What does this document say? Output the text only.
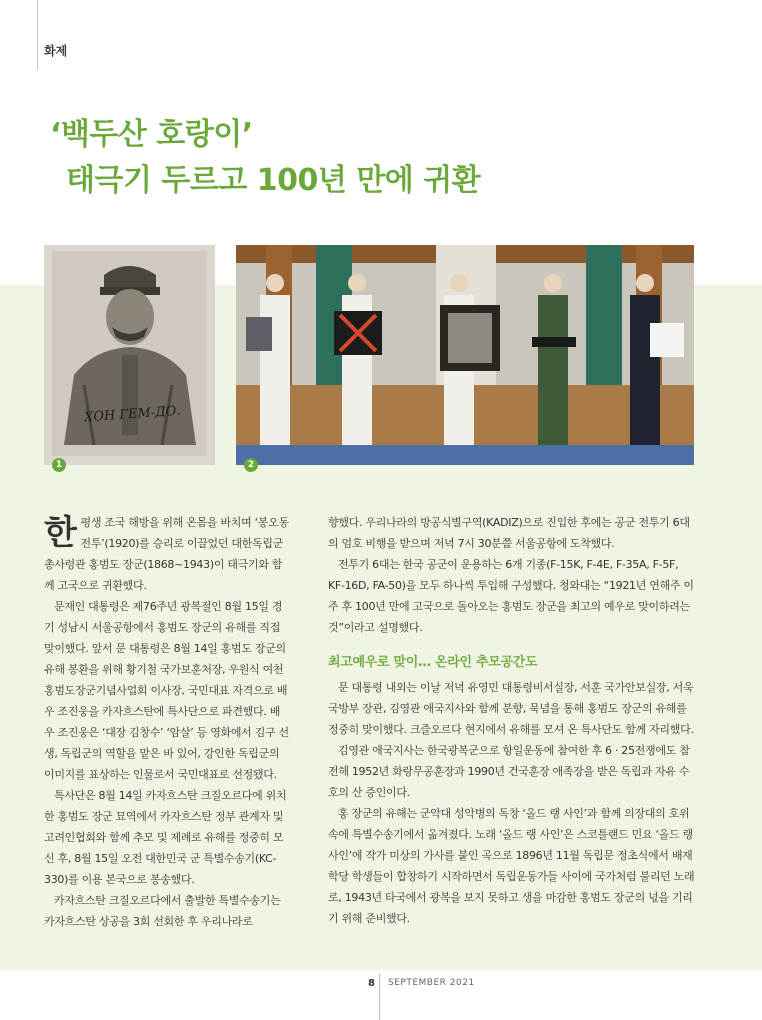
화제
‘백두산 호랑이’
태극기 두르고 100년 만에 귀환
ХОН ГЕМ-ДО.
1	2

한평생 조국 해방을 위해 온몸을 바치며 ‘봉오동 전투’(1920)를 승리로 이끌었던 대한독립군 총사령관 홍범도 장군(1868~1943)이 태극기와 함께 고국으로 귀환했다.

문재인 대통령은 제76주년 광복절인 8월 15일 경기 성남시 서울공항에서 홍범도 장군의 유해를 직접 맞이했다. 앞서 문 대통령은 8월 14일 홍범도 장군의 유해 봉환을 위해 황기철 국가보훈처장, 우원식 여천홍범도장군기념사업회 이사장, 국민대표 자격으로 배우 조진웅을 카자흐스탄에 특사단으로 파견했다. 배우 조진웅은 ‘대장 김창수’ ‘암살’ 등 영화에서 김구 선생, 독립군의 역할을 맡은 바 있어, 강인한 독립군의 이미지를 표상하는 인물로서 국민대표로 선정됐다.

특사단은 8월 14일 카자흐스탄 크질오르다에 위치한 홍범도 장군 묘역에서 카자흐스탄 정부 관계자 및 고려인협회와 함께 추모 및 제례로 유해를 정중히 모신 후, 8월 15일 오전 대한민국 군 특별수송기(KC-330)를 이용 본국으로 봉송했다.

카자흐스탄 크질오르다에서 출발한 특별수송기는 카자흐스탄 상공을 3회 선회한 후 우리나라로

향했다. 우리나라의 방공식별구역(KADIZ)으로 진입한 후에는 공군 전투기 6대의 엄호 비행을 받으며 저녁 7시 30분쯤 서울공항에 도착했다.

전투기 6대는 한국 공군이 운용하는 6개 기종(F-15K, F-4E, F-35A, F-5F, KF-16D, FA-50)을 모두 하나씩 투입해 구성했다. 청와대는 “1921년 연해주 이주 후 100년 만에 고국으로 돌아오는 홍범도 장군을 최고의 예우로 맞이하려는 것”이라고 설명했다.

최고예우로 맞이… 온라인 추모공간도

문 대통령 내외는 이날 저녁 유영민 대통령비서실장, 서훈 국가안보실장, 서욱 국방부 장관, 김영관 애국지사와 함께 분향, 묵념을 통해 홍범도 장군의 유해를 정중히 맞이했다. 크즐오르다 현지에서 유해를 모셔 온 특사단도 함께 자리했다.

김영관 애국지사는 한국광복군으로 항일운동에 참여한 후 6 · 25전쟁에도 참전해 1952년 화랑무공훈장과 1990년 건국훈장 애족장을 받은 독립과 자유 수호의 산 증인이다.

홍 장군의 유해는 군악대 성악병의 독창 ‘올드 랭 사인’과 함께 의장대의 호위 속에 특별수송기에서 옮겨졌다. 노래 ‘올드 랭 사인’은 스코틀랜드 민요 ‘올드 랭 사인’에 작가 미상의 가사를 붙인 곡으로 1896년 11월 독립문 정초식에서 배재학당 학생들이 합창하기 시작하면서 독립운동가들 사이에 국가처럼 불리던 노래로, 1943년 타국에서 광복을 보지 못하고 생을 마감한 홍범도 장군의 넋을 기리기 위해 준비했다.

8 SEPTEMBER 2021
